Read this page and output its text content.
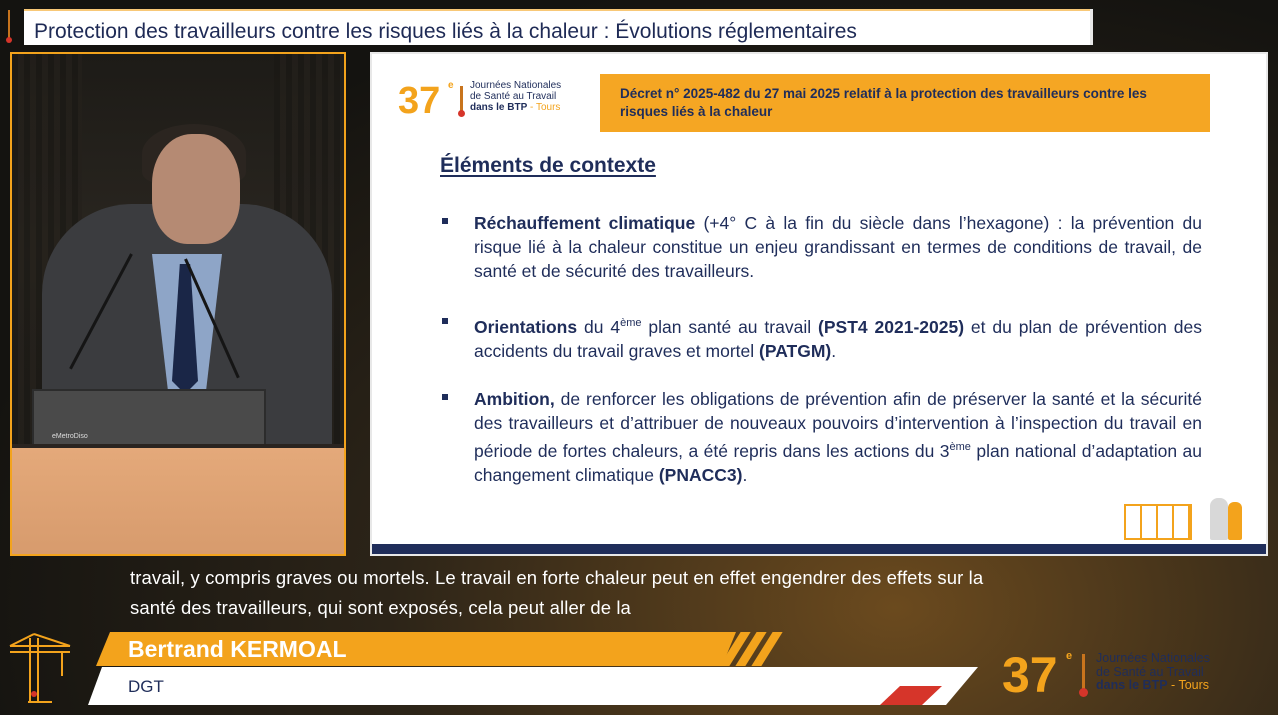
Protection des travailleurs contre les risques liés à la chaleur : Évolutions réglementaires
eMetroDiso
37 e Journées Nationales
de Santé au Travail
dans le BTP - Tours
Décret n° 2025-482 du 27 mai 2025 relatif à la protection des travailleurs contre les risques liés à la chaleur
Éléments de contexte
Réchauffement climatique (+4° C à la fin du siècle dans l’hexagone) : la prévention du risque lié à la chaleur constitue un enjeu grandissant en termes de conditions de travail, de santé et de sécurité des travailleurs.
Orientations du 4ème plan santé au travail (PST4 2021-2025) et du plan de prévention des accidents du travail graves et mortel (PATGM).
Ambition, de renforcer les obligations de prévention afin de préserver la santé et la sécurité des travailleurs et d’attribuer de nouveaux pouvoirs d’intervention à l’inspection du travail en période de fortes chaleurs, a été repris dans les actions du 3ème plan national d’adaptation au changement climatique (PNACC3).
travail, y compris graves ou mortels. Le travail en forte chaleur peut en effet engendrer des effets sur la
santé des travailleurs, qui sont exposés, cela peut aller de la
Bertrand KERMOAL
DGT	37 e Journées Nationales
de Santé au Travail
dans le BTP - Tours
